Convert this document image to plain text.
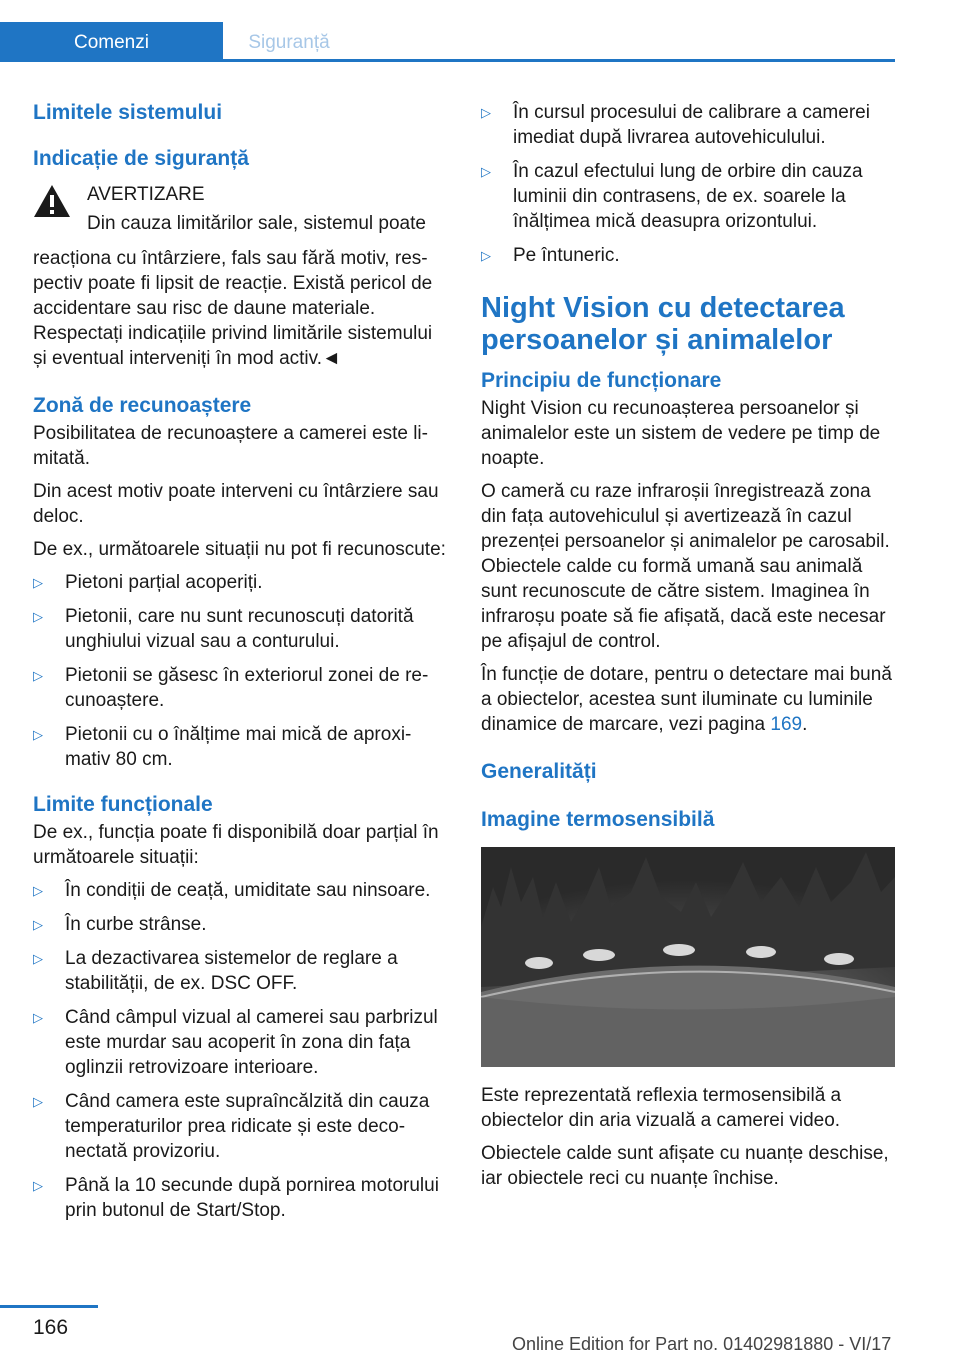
Comenzi	Siguranță
Limitele sistemului
Indicație de siguranță

AVERTIZARE

Din cauza limitărilor sale, sistemul poate

reacționa cu întârziere, fals sau fără motiv, respectiv poate fi lipsit de reacție. Există pericol de accidentare sau risc de daune materiale. Respectați indicațiile privind limitările sistemului și eventual interveniți în mod activ.◄

Zonă de recunoaștere

Posibilitatea de recunoaștere a camerei este limitată.

Din acest motiv poate interveni cu întârziere sau deloc.

De ex., următoarele situații nu pot fi recunoscute:

▷ Pietoni parțial acoperiți.
▷ Pietonii, care nu sunt recunoscuți datorită unghiului vizual sau a conturului.
▷ Pietonii se găsesc în exteriorul zonei de recunoaștere.
▷ Pietonii cu o înălțime mai mică de aproximativ 80 cm.
Limite funcționale

De ex., funcția poate fi disponibilă doar parțial în următoarele situații:

▷ În condiții de ceață, umiditate sau ninsoare.
▷ În curbe strânse.
▷ La dezactivarea sistemelor de reglare a stabilității, de ex. DSC OFF.
▷ Când câmpul vizual al camerei sau parbrizul este murdar sau acoperit în zona din fața oglinzii retrovizoare interioare.
▷ Când camera este supraîncălzită din cauza temperaturilor prea ridicate și este deconectată provizoriu.
▷ Până la 10 secunde după pornirea motorului prin butonul de Start/Stop.
▷ În cursul procesului de calibrare a camerei imediat după livrarea autovehiculului.
▷ În cazul efectului lung de orbire din cauza luminii din contrasens, de ex. soarele la înălțimea mică deasupra orizontului.
▷ Pe întuneric.
Night Vision cu detectarea persoanelor și animalelor
Principiu de funcționare

Night Vision cu recunoașterea persoanelor și animalelor este un sistem de vedere pe timp de noapte.

O cameră cu raze infraroșii înregistrează zona din fața autovehiculul și avertizează în cazul prezenței persoanelor și animalelor pe carosabil. Obiectele calde cu formă umană sau animală sunt recunoscute de către sistem. Imaginea în infraroșu poate să fie afișată, dacă este necesar pe afișajul de control.

În funcție de dotare, pentru o detectare mai bună a obiectelor, acestea sunt iluminate cu luminile dinamice de marcare, vezi pagina 169.

Generalități
Imagine termosensibilă

Este reprezentată reflexia termosensibilă a obiectelor din aria vizuală a camerei video.

Obiectele calde sunt afișate cu nuanțe deschise, iar obiectele reci cu nuanțe închise.

166
Online Edition for Part no. 01402981880 - VI/17
